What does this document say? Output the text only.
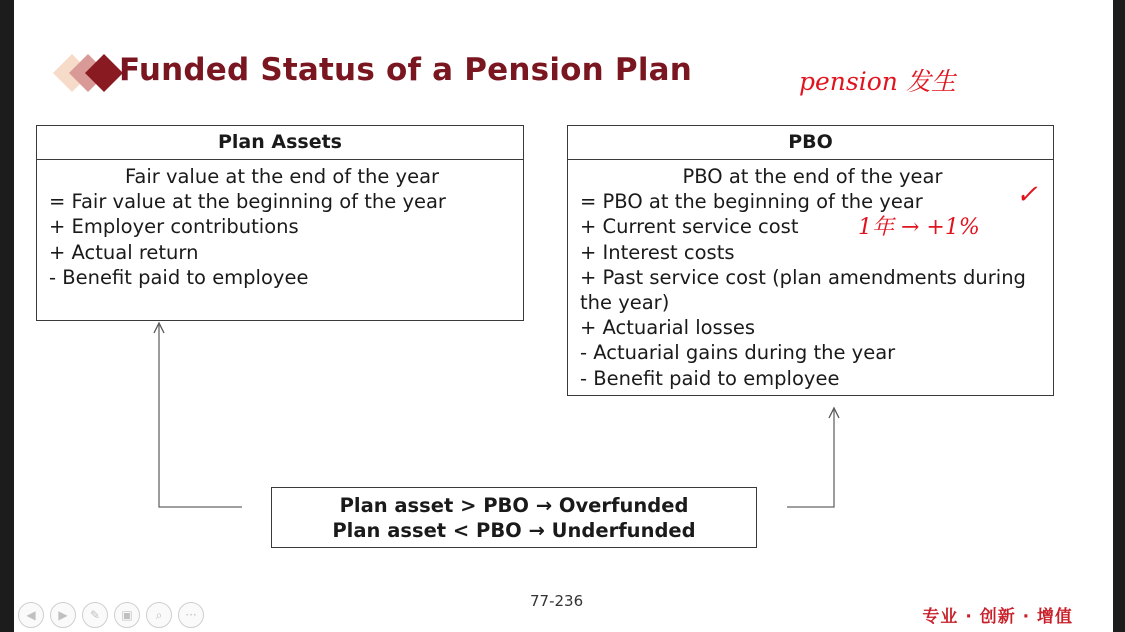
Funded Status of a Pension Plan	pension 发生
Plan Assets
Fair value at the end of the year
= Fair value at the beginning of the year
+ Employer contributions
+ Actual return
- Benefit paid to employee
PBO
PBO at the end of the year
= PBO at the beginning of the year
+ Current service cost
+ Interest costs
+ Past service cost (plan amendments during the year)
+ Actuarial losses
- Actuarial gains during the year
- Benefit paid to employee
✓
1年 → +1%
Plan asset > PBO → Overfunded
Plan asset < PBO → Underfunded
77-236
专业 · 创新 · 增值
◀	▶	✎	▣	⌕	···
